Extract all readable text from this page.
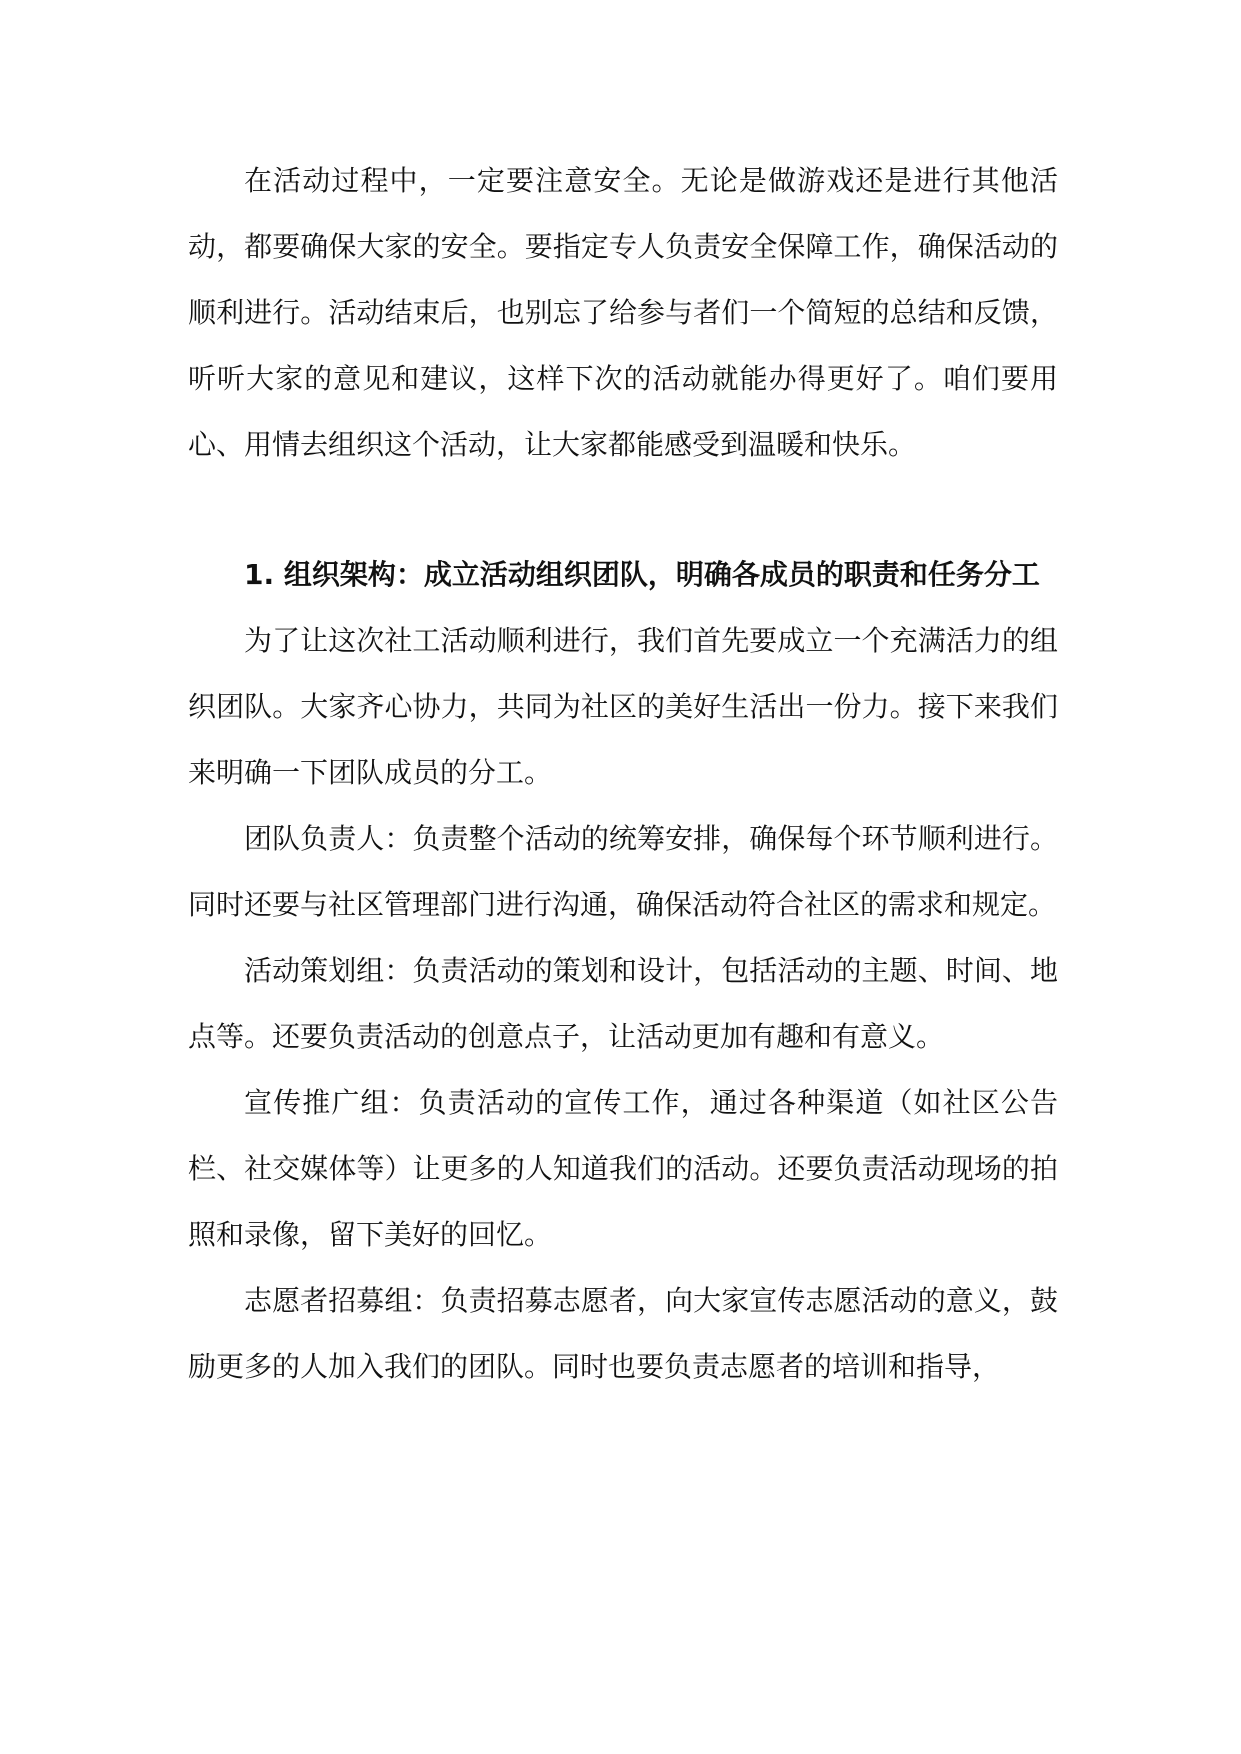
在活动过程中，一定要注意安全。无论是做游戏还是进行其他活动，都要确保大家的安全。要指定专人负责安全保障工作，确保活动的顺利进行。活动结束后，也别忘了给参与者们一个简短的总结和反馈，听听大家的意见和建议，这样下次的活动就能办得更好了。咱们要用心、用情去组织这个活动，让大家都能感受到温暖和快乐。

1. 组织架构：成立活动组织团队，明确各成员的职责和任务分工

为了让这次社工活动顺利进行，我们首先要成立一个充满活力的组织团队。大家齐心协力，共同为社区的美好生活出一份力。接下来我们来明确一下团队成员的分工。

团队负责人：负责整个活动的统筹安排，确保每个环节顺利进行。同时还要与社区管理部门进行沟通，确保活动符合社区的需求和规定。

活动策划组：负责活动的策划和设计，包括活动的主题、时间、地点等。还要负责活动的创意点子，让活动更加有趣和有意义。

宣传推广组：负责活动的宣传工作，通过各种渠道（如社区公告栏、社交媒体等）让更多的人知道我们的活动。还要负责活动现场的拍照和录像，留下美好的回忆。

志愿者招募组：负责招募志愿者，向大家宣传志愿活动的意义，鼓励更多的人加入我们的团队。同时也要负责志愿者的培训和指导，
